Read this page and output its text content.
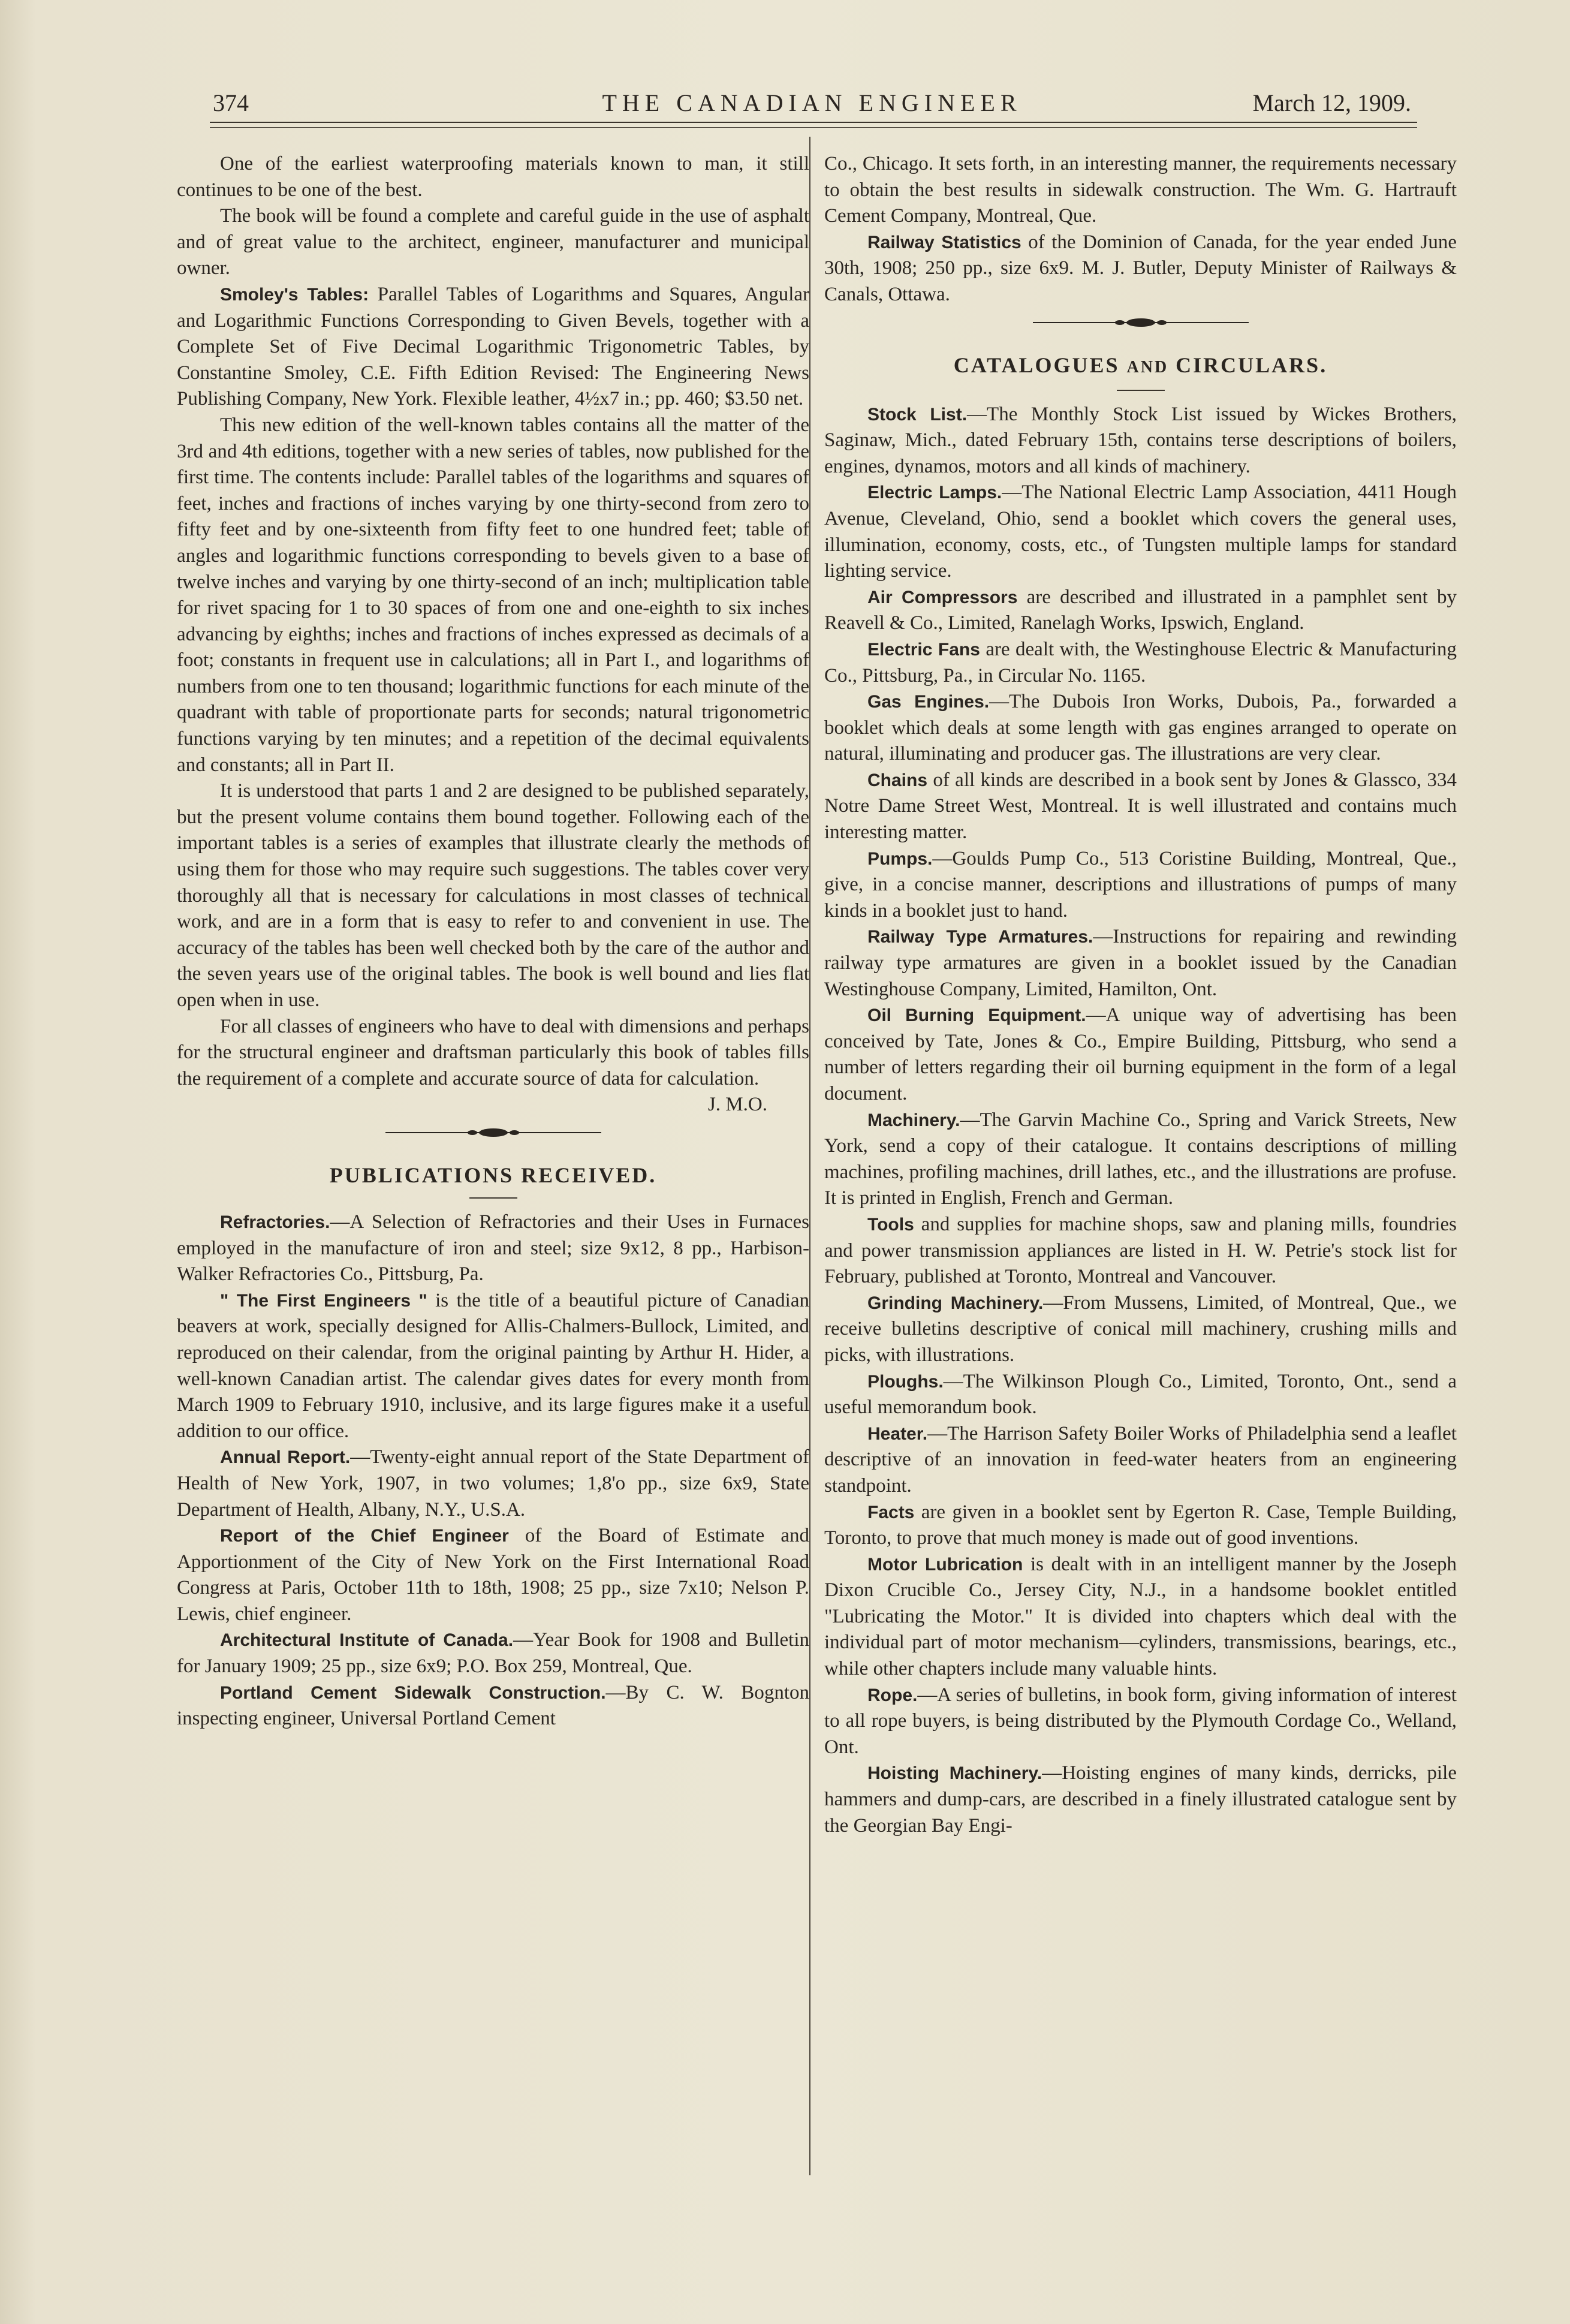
374	THE CANADIAN ENGINEER	March 12, 1909.

One of the earliest waterproofing materials known to man, it still continues to be one of the best.

The book will be found a complete and careful guide in the use of asphalt and of great value to the architect, engineer, manufacturer and municipal owner.

Smoley's Tables: Parallel Tables of Logarithms and Squares, Angular and Logarithmic Functions Corresponding to Given Bevels, together with a Complete Set of Five Decimal Logarithmic Trigonometric Tables, by Constantine Smoley, C.E. Fifth Edition Revised: The Engineering News Publishing Company, New York. Flexible leather, 4½x7 in.; pp. 460; $3.50 net.

This new edition of the well-known tables contains all the matter of the 3rd and 4th editions, together with a new series of tables, now published for the first time. The contents include: Parallel tables of the logarithms and squares of feet, inches and fractions of inches varying by one thirty-second from zero to fifty feet and by one-sixteenth from fifty feet to one hundred feet; table of angles and logarithmic functions corresponding to bevels given to a base of twelve inches and varying by one thirty-second of an inch; multiplication table for rivet spacing for 1 to 30 spaces of from one and one-eighth to six inches advancing by eighths; inches and fractions of inches expressed as decimals of a foot; constants in frequent use in calculations; all in Part I., and logarithms of numbers from one to ten thousand; logarithmic functions for each minute of the quadrant with table of proportionate parts for seconds; natural trigonometric functions varying by ten minutes; and a repetition of the decimal equivalents and constants; all in Part II.

It is understood that parts 1 and 2 are designed to be published separately, but the present volume contains them bound together. Following each of the important tables is a series of examples that illustrate clearly the methods of using them for those who may require such suggestions. The tables cover very thoroughly all that is necessary for calculations in most classes of technical work, and are in a form that is easy to refer to and convenient in use. The accuracy of the tables has been well checked both by the care of the author and the seven years use of the original tables. The book is well bound and lies flat open when in use.

For all classes of engineers who have to deal with dimensions and perhaps for the structural engineer and draftsman particularly this book of tables fills the requirement of a complete and accurate source of data for calculation.

J. M.O.
PUBLICATIONS RECEIVED.

Refractories.—A Selection of Refractories and their Uses in Furnaces employed in the manufacture of iron and steel; size 9x12, 8 pp., Harbison-Walker Refractories Co., Pittsburg, Pa.

" The First Engineers " is the title of a beautiful picture of Canadian beavers at work, specially designed for Allis-Chalmers-Bullock, Limited, and reproduced on their calendar, from the original painting by Arthur H. Hider, a well-known Canadian artist. The calendar gives dates for every month from March 1909 to February 1910, inclusive, and its large figures make it a useful addition to our office.

Annual Report.—Twenty-eight annual report of the State Department of Health of New York, 1907, in two volumes; 1,8'o pp., size 6x9, State Department of Health, Albany, N.Y., U.S.A.

Report of the Chief Engineer of the Board of Estimate and Apportionment of the City of New York on the First International Road Congress at Paris, October 11th to 18th, 1908; 25 pp., size 7x10; Nelson P. Lewis, chief engineer.

Architectural Institute of Canada.—Year Book for 1908 and Bulletin for January 1909; 25 pp., size 6x9; P.O. Box 259, Montreal, Que.

Portland Cement Sidewalk Construction.—By C. W. Bognton inspecting engineer, Universal Portland Cement

Co., Chicago. It sets forth, in an interesting manner, the requirements necessary to obtain the best results in sidewalk construction. The Wm. G. Hartrauft Cement Company, Montreal, Que.

Railway Statistics of the Dominion of Canada, for the year ended June 30th, 1908; 250 pp., size 6x9. M. J. Butler, Deputy Minister of Railways & Canals, Ottawa.

CATALOGUES AND CIRCULARS.

Stock List.—The Monthly Stock List issued by Wickes Brothers, Saginaw, Mich., dated February 15th, contains terse descriptions of boilers, engines, dynamos, motors and all kinds of machinery.

Electric Lamps.—The National Electric Lamp Association, 4411 Hough Avenue, Cleveland, Ohio, send a booklet which covers the general uses, illumination, economy, costs, etc., of Tungsten multiple lamps for standard lighting service.

Air Compressors are described and illustrated in a pamphlet sent by Reavell & Co., Limited, Ranelagh Works, Ipswich, England.

Electric Fans are dealt with, the Westinghouse Electric & Manufacturing Co., Pittsburg, Pa., in Circular No. 1165.

Gas Engines.—The Dubois Iron Works, Dubois, Pa., forwarded a booklet which deals at some length with gas engines arranged to operate on natural, illuminating and producer gas. The illustrations are very clear.

Chains of all kinds are described in a book sent by Jones & Glassco, 334 Notre Dame Street West, Montreal. It is well illustrated and contains much interesting matter.

Pumps.—Goulds Pump Co., 513 Coristine Building, Montreal, Que., give, in a concise manner, descriptions and illustrations of pumps of many kinds in a booklet just to hand.

Railway Type Armatures.—Instructions for repairing and rewinding railway type armatures are given in a booklet issued by the Canadian Westinghouse Company, Limited, Hamilton, Ont.

Oil Burning Equipment.—A unique way of advertising has been conceived by Tate, Jones & Co., Empire Building, Pittsburg, who send a number of letters regarding their oil burning equipment in the form of a legal document.

Machinery.—The Garvin Machine Co., Spring and Varick Streets, New York, send a copy of their catalogue. It contains descriptions of milling machines, profiling machines, drill lathes, etc., and the illustrations are profuse. It is printed in English, French and German.

Tools and supplies for machine shops, saw and planing mills, foundries and power transmission appliances are listed in H. W. Petrie's stock list for February, published at Toronto, Montreal and Vancouver.

Grinding Machinery.—From Mussens, Limited, of Montreal, Que., we receive bulletins descriptive of conical mill machinery, crushing mills and picks, with illustrations.

Ploughs.—The Wilkinson Plough Co., Limited, Toronto, Ont., send a useful memorandum book.

Heater.—The Harrison Safety Boiler Works of Philadelphia send a leaflet descriptive of an innovation in feed-water heaters from an engineering standpoint.

Facts are given in a booklet sent by Egerton R. Case, Temple Building, Toronto, to prove that much money is made out of good inventions.

Motor Lubrication is dealt with in an intelligent manner by the Joseph Dixon Crucible Co., Jersey City, N.J., in a handsome booklet entitled "Lubricating the Motor." It is divided into chapters which deal with the individual part of motor mechanism—cylinders, transmissions, bearings, etc., while other chapters include many valuable hints.

Rope.—A series of bulletins, in book form, giving information of interest to all rope buyers, is being distributed by the Plymouth Cordage Co., Welland, Ont.

Hoisting Machinery.—Hoisting engines of many kinds, derricks, pile hammers and dump-cars, are described in a finely illustrated catalogue sent by the Georgian Bay Engi-
